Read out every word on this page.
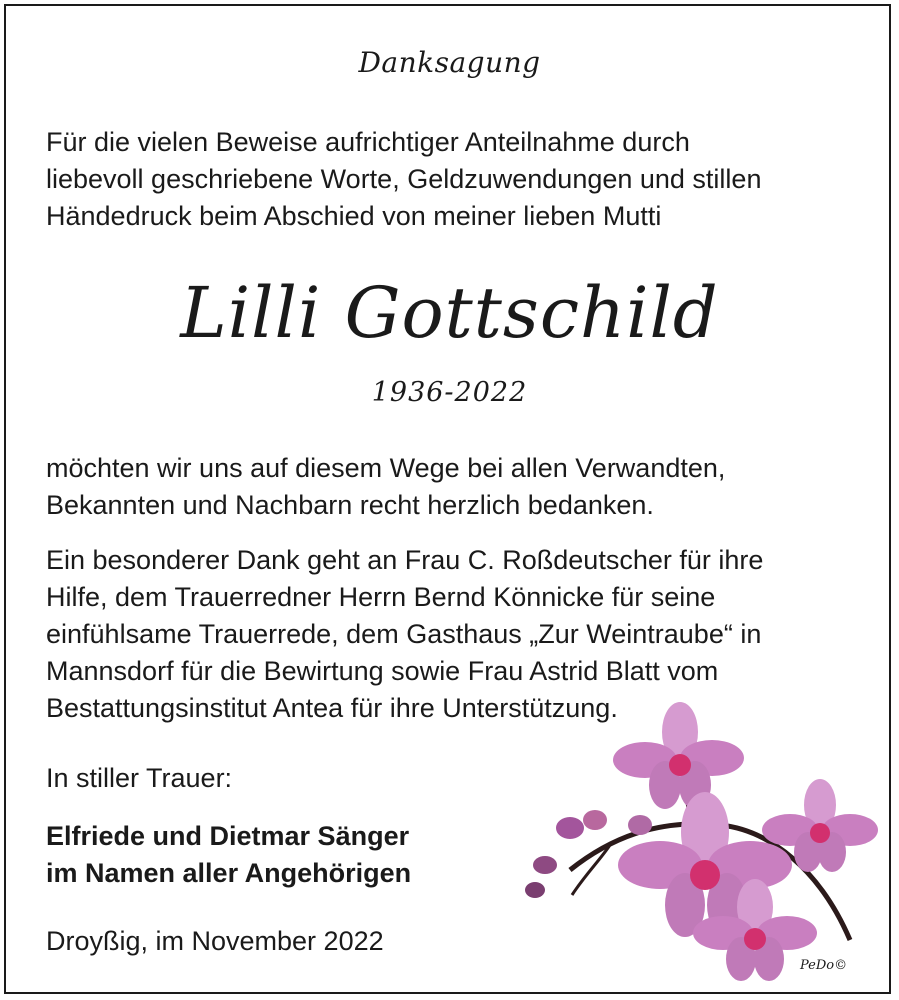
Danksagung
Für die vielen Beweise aufrichtiger Anteilnahme durch
liebevoll geschriebene Worte, Geldzuwendungen und stillen
Händedruck beim Abschied von meiner lieben Mutti
Lilli Gottschild
1936-2022
möchten wir uns auf diesem Wege bei allen Verwandten,
Bekannten und Nachbarn recht herzlich bedanken.
Ein besonderer Dank geht an Frau C. Roßdeutscher für ihre
Hilfe, dem Trauerredner Herrn Bernd Könnicke für seine
einfühlsame Trauerrede, dem Gasthaus „Zur Weintraube“ in
Mannsdorf für die Bewirtung sowie Frau Astrid Blatt vom
Bestattungsinstitut Antea für ihre Unterstützung.
In stiller Trauer:
Elfriede und Dietmar Sänger
im Namen aller Angehörigen
Droyßig, im November 2022
PeDo©
